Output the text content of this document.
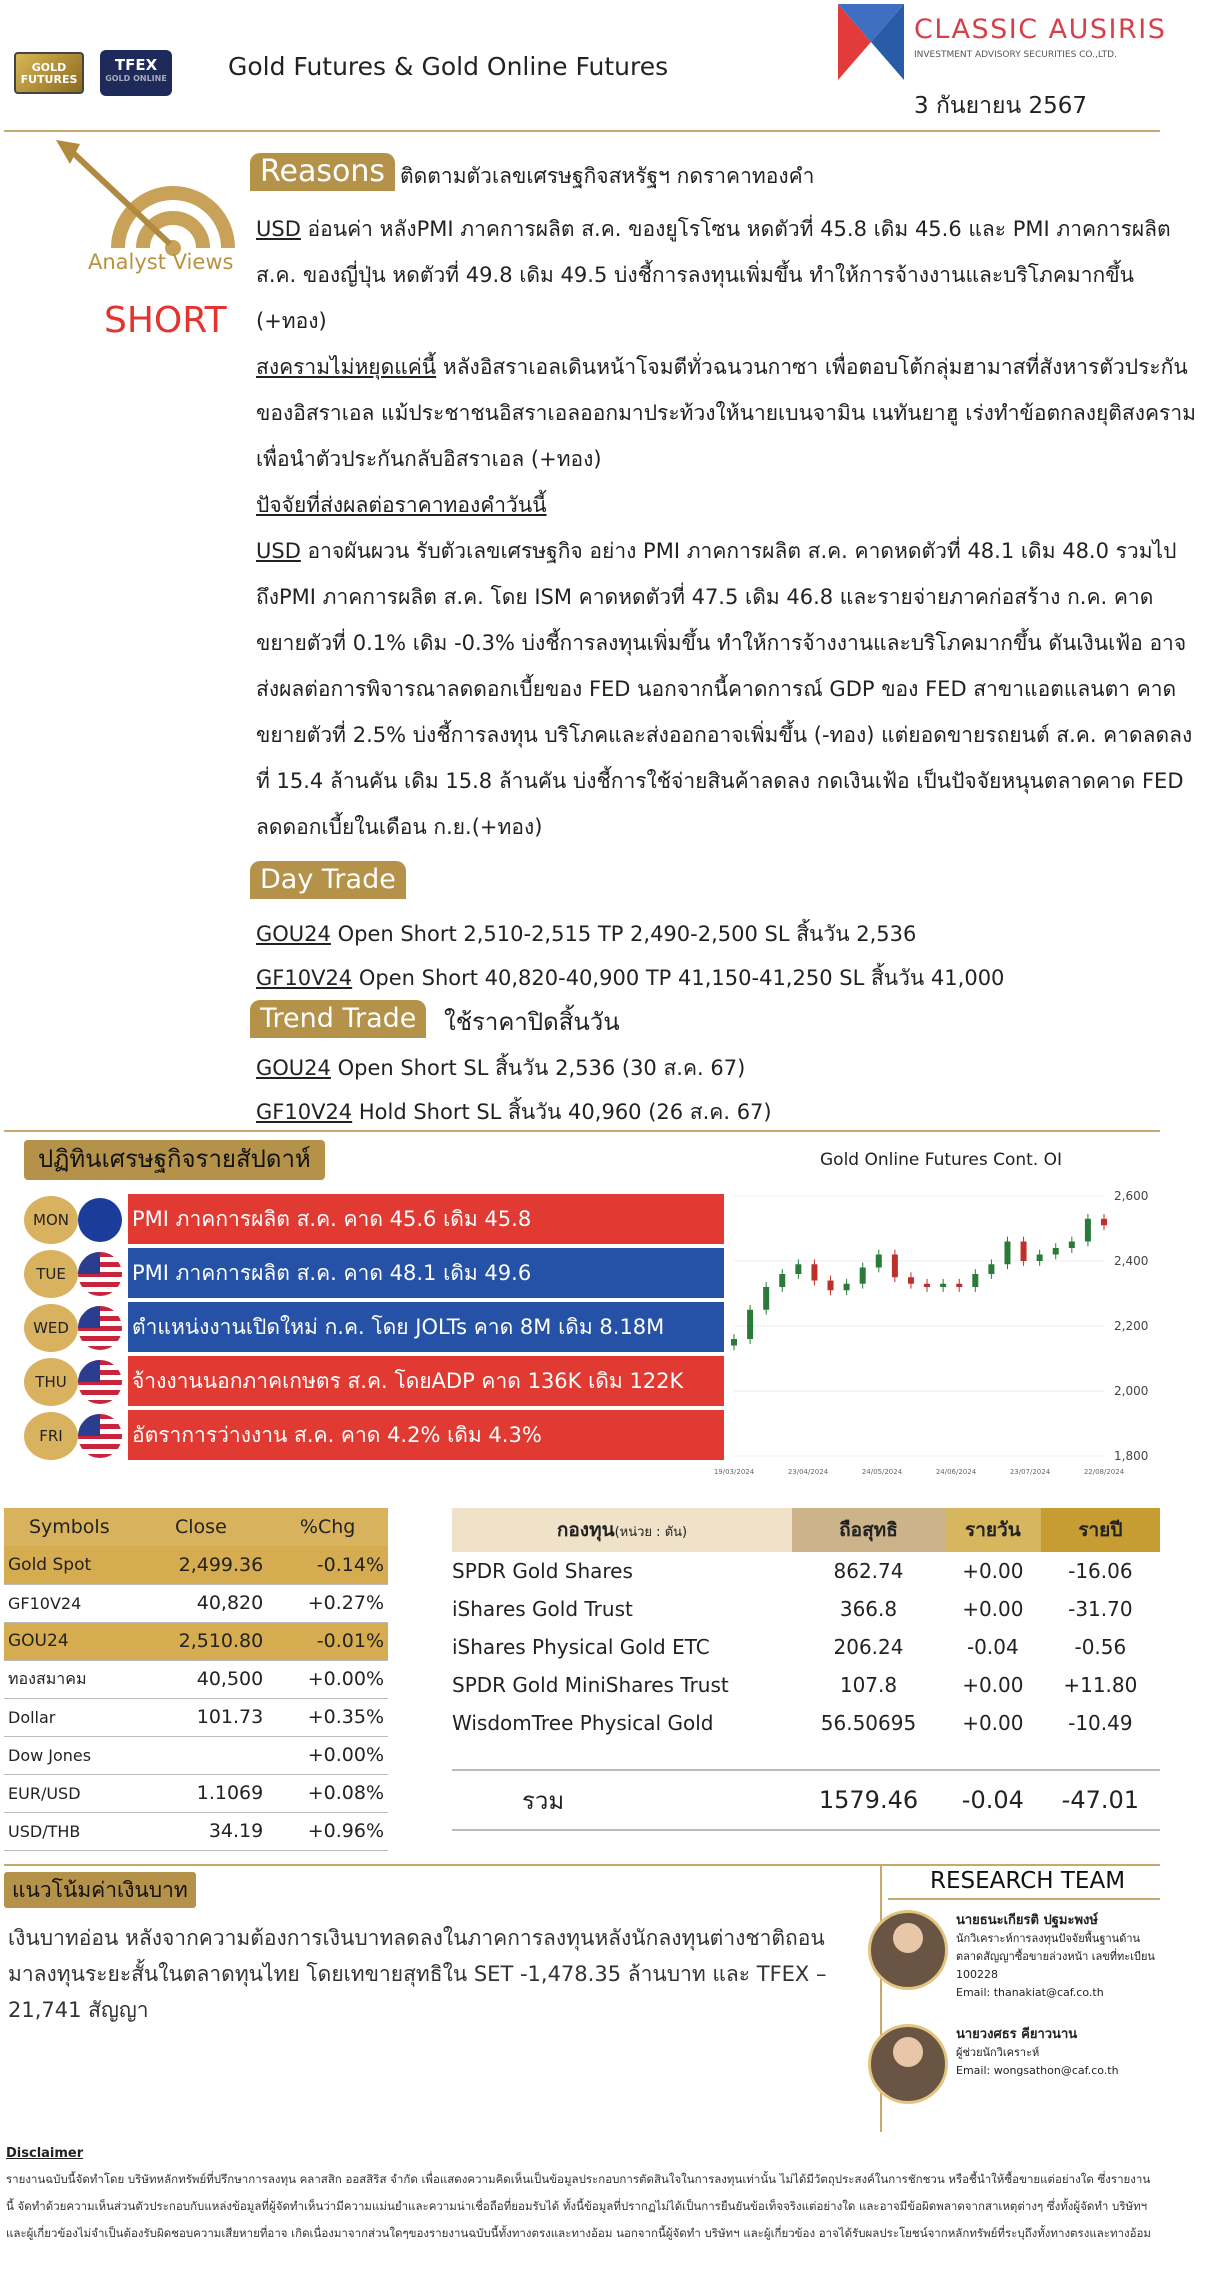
GOLD FUTURES
TFEX
GOLD ONLINE Gold Futures & Gold Online Futures
CLASSIC AUSIRIS
INVESTMENT ADVISORY SECURITIES CO.,LTD.
3 กันยายน 2567
Analyst Views
SHORT
Reasons ติดตามตัวเลขเศรษฐกิจสหรัฐฯ กดราคาทองคำ
USD อ่อนค่า หลังPMI ภาคการผลิต ส.ค. ของยูโรโซน หดตัวที่ 45.8 เดิม 45.6 และ PMI ภาคการผลิต ส.ค. ของญี่ปุ่น หดตัวที่ 49.8 เดิม 49.5 บ่งชี้การลงทุนเพิ่มขึ้น ทำให้การจ้างงานและบริโภคมากขึ้น (+ทอง)
สงครามไม่หยุดแค่นี้ หลังอิสราเอลเดินหน้าโจมตีทั่วฉนวนกาซา เพื่อตอบโต้กลุ่มฮามาสที่สังหารตัวประกันของอิสราเอล แม้ประชาชนอิสราเอลออกมาประท้วงให้นายเบนจามิน เนทันยาฮู เร่งทำข้อตกลงยุติสงครามเพื่อนำตัวประกันกลับอิสราเอล (+ทอง)
ปัจจัยที่ส่งผลต่อราคาทองคำวันนี้
USD อาจผันผวน รับตัวเลขเศรษฐกิจ อย่าง PMI ภาคการผลิต ส.ค. คาดหดตัวที่ 48.1 เดิม 48.0 รวมไปถึงPMI ภาคการผลิต ส.ค. โดย ISM คาดหดตัวที่ 47.5 เดิม 46.8 และรายจ่ายภาคก่อสร้าง ก.ค. คาดขยายตัวที่ 0.1% เดิม -0.3% บ่งชี้การลงทุนเพิ่มขึ้น ทำให้การจ้างงานและบริโภคมากขึ้น ดันเงินเฟ้อ อาจส่งผลต่อการพิจารณาลดดอกเบี้ยของ FED นอกจากนี้คาดการณ์ GDP ของ FED สาขาแอตแลนตา คาดขยายตัวที่ 2.5% บ่งชี้การลงทุน บริโภคและส่งออกอาจเพิ่มขึ้น (-ทอง) แต่ยอดขายรถยนต์ ส.ค. คาดลดลงที่ 15.4 ล้านคัน เดิม 15.8 ล้านคัน บ่งชี้การใช้จ่ายสินค้าลดลง กดเงินเฟ้อ เป็นปัจจัยหนุนตลาดคาด FED ลดดอกเบี้ยในเดือน ก.ย.(+ทอง)
Day Trade
GOU24 Open Short 2,510-2,515 TP 2,490-2,500 SL สิ้นวัน 2,536
GF10V24 Open Short 40,820-40,900 TP 41,150-41,250 SL สิ้นวัน 41,000
Trend Trade	ใช้ราคาปิดสิ้นวัน
GOU24 Open Short SL สิ้นวัน 2,536 (30 ส.ค. 67)
GF10V24 Hold Short SL สิ้นวัน 40,960 (26 ส.ค. 67)
ปฏิทินเศรษฐกิจรายสัปดาห์
MON	PMI ภาคการผลิต ส.ค. คาด 45.6 เดิม 45.8
TUE	PMI ภาคการผลิต ส.ค. คาด 48.1 เดิม 49.6
WED	ตำแหน่งงานเปิดใหม่ ก.ค. โดย JOLTs คาด 8M เดิม 8.18M
THU	จ้างงานนอกภาคเกษตร ส.ค. โดยADP คาด 136K เดิม 122K
FRI	อัตราการว่างงาน ส.ค. คาด 4.2% เดิม 4.3%
Gold Online Futures Cont. OI
1,800
2,000
2,200
2,400
2,600
19/03/2024	23/04/2024	24/05/2024	24/06/2024	23/07/2024	22/08/2024
Symbols	Close	%Chg
Gold Spot	2,499.36	-0.14%
GF10V24	40,820	+0.27%
GOU24	2,510.80	-0.01%
ทองสมาคม	40,500	+0.00%
Dollar	101.73	+0.35%
Dow Jones		+0.00%
EUR/USD	1.1069	+0.08%
USD/THB	34.19	+0.96%
กองทุน(หน่วย : ตัน)	ถือสุทธิ	รายวัน	รายปี
SPDR Gold Shares	862.74	+0.00	-16.06
iShares Gold Trust	366.8	+0.00	-31.70
iShares Physical Gold ETC	206.24	-0.04	-0.56
SPDR Gold MiniShares Trust	107.8	+0.00	+11.80
WisdomTree Physical Gold	56.50695	+0.00	-10.49

รวม	1579.46	-0.04	-47.01
แนวโน้มค่าเงินบาท
เงินบาทอ่อน หลังจากความต้องการเงินบาทลดลงในภาคการลงทุนหลังนักลงทุนต่างชาติถอนมาลงทุนระยะสั้นในตลาดทุนไทย โดยเทขายสุทธิใน SET -1,478.35 ล้านบาท และ TFEX –21,741 สัญญา
RESEARCH TEAM
นายธนะเกียรติ ปฐมะพงษ์
นักวิเคราะห์การลงทุนปัจจัยพื้นฐานด้านตลาดสัญญาซื้อขายล่วงหน้า เลขที่ทะเบียน 100228
Email: thanakiat@caf.co.th
นายวงศธร คียาวนาน
ผู้ช่วยนักวิเคราะห์
Email: wongsathon@caf.co.th
Disclaimer
รายงานฉบับนี้จัดทำโดย บริษัทหลักทรัพย์ที่ปรึกษาการลงทุน คลาสสิก ออสสิริส จำกัด เพื่อแสดงความคิดเห็นเป็นข้อมูลประกอบการตัดสินใจในการลงทุนเท่านั้น ไม่ได้มีวัตถุประสงค์ในการชักชวน หรือชี้นำให้ซื้อขายแต่อย่างใด ซึ่งรายงานนี้ จัดทำด้วยความเห็นส่วนตัวประกอบกับแหล่งข้อมูลที่ผู้จัดทำเห็นว่ามีความแม่นยำและความน่าเชื่อถือที่ยอมรับได้ ทั้งนี้ข้อมูลที่ปรากฏไม่ได้เป็นการยืนยันข้อเท็จจริงแต่อย่างใด และอาจมีข้อผิดพลาดจากสาเหตุต่างๆ ซึ่งทั้งผู้จัดทำ บริษัทฯ และผู้เกี่ยวข้องไม่จำเป็นต้องรับผิดชอบความเสียหายที่อาจ เกิดเนื่องมาจากส่วนใดๆของรายงานฉบับนี้ทั้งทางตรงและทางอ้อม นอกจากนี้ผู้จัดทำ บริษัทฯ และผู้เกี่ยวข้อง อาจได้รับผลประโยชน์จากหลักทรัพย์ที่ระบุถึงทั้งทางตรงและทางอ้อม
